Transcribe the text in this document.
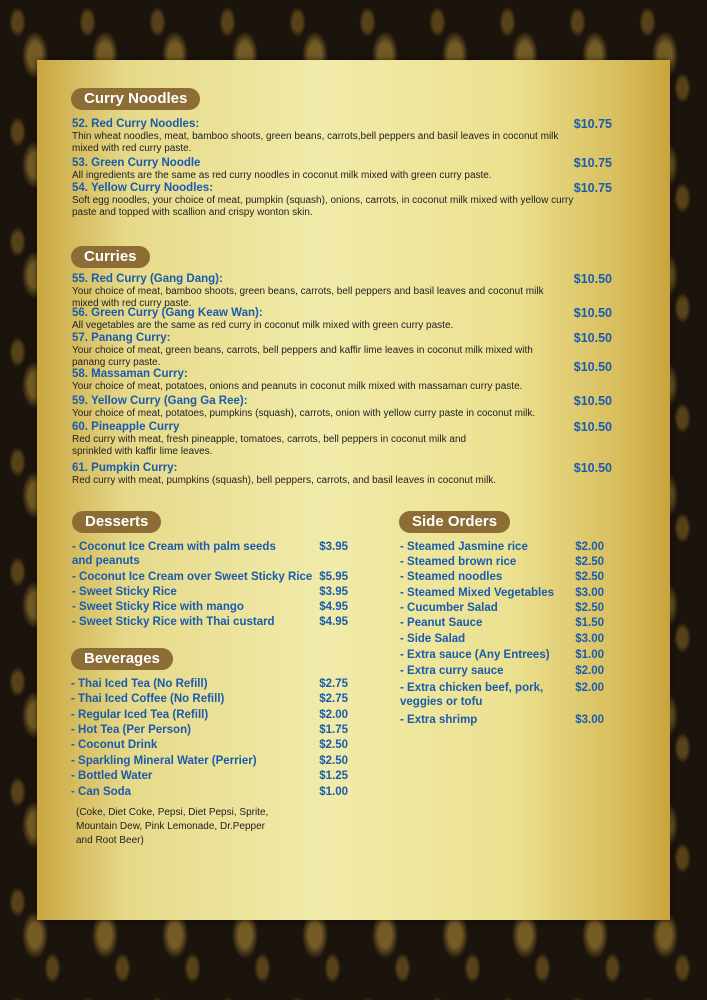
Curry Noodles
52. Red Curry Noodles:	$10.75

Thin wheat noodles, meat, bamboo shoots, green beans, carrots,bell peppers and basil leaves in coconut milk
mixed with red curry paste.

53. Green Curry Noodle	$10.75

All ingredients are the same as red curry noodles in coconut milk mixed with green curry paste.

54. Yellow Curry Noodles:	$10.75

Soft egg noodles, your choice of meat, pumpkin (squash), onions, carrots, in coconut milk mixed with yellow curry
paste and topped with scallion and crispy wonton skin.

Curries
55. Red Curry (Gang Dang):	$10.50

Your choice of meat, bamboo shoots, green beans, carrots, bell peppers and basil leaves and coconut milk
mixed with red curry paste.

56. Green Curry (Gang Keaw Wan):	$10.50

All vegetables are the same as red curry in coconut milk mixed with green curry paste.

57. Panang Curry:	$10.50

Your choice of meat, green beans, carrots, bell peppers and kaffir lime leaves in coconut milk mixed with
panang curry paste.

58. Massaman Curry:	$10.50

Your choice of meat, potatoes, onions and peanuts in coconut milk mixed with massaman curry paste.

59. Yellow Curry (Gang Ga Ree):	$10.50

Your choice of meat, potatoes, pumpkins (squash), carrots, onion with yellow curry paste in coconut milk.

60. Pineapple Curry	$10.50

Red curry with meat, fresh pineapple, tomatoes, carrots, bell peppers in coconut milk and
sprinkled with kaffir lime leaves.

61. Pumpkin Curry:	$10.50

Red curry with meat, pumpkins (squash), bell peppers, carrots, and basil leaves in coconut milk.

Desserts
- Coconut Ice Cream with palm seeds
and peanuts
$3.95
- Coconut Ice Cream over Sweet Sticky Rice $5.95
- Sweet Sticky Rice	$3.95
- Sweet Sticky Rice with mango	$4.95
- Sweet Sticky Rice with Thai custard	$4.95
Beverages
- Thai Iced Tea (No Refill)	$2.75
- Thai Iced Coffee (No Refill)	$2.75
- Regular Iced Tea (Refill)	$2.00
- Hot Tea (Per Person)	$1.75
- Coconut Drink	$2.50
- Sparkling Mineral Water (Perrier)	$2.50
- Bottled Water	$1.25
- Can Soda	$1.00
(Coke, Diet Coke, Pepsi, Diet Pepsi, Sprite,
Mountain Dew, Pink Lemonade, Dr.Pepper
and Root Beer)
Side Orders
- Steamed Jasmine rice	$2.00
- Steamed brown rice	$2.50
- Steamed noodles	$2.50
- Steamed Mixed Vegetables $3.00
- Cucumber Salad	$2.50
- Peanut Sauce	$1.50
- Side Salad	$3.00
- Extra sauce (Any Entrees) $1.00
- Extra curry sauce	$2.00
- Extra chicken beef, pork,
veggies or tofu
$2.00
- Extra shrimp	$3.00
